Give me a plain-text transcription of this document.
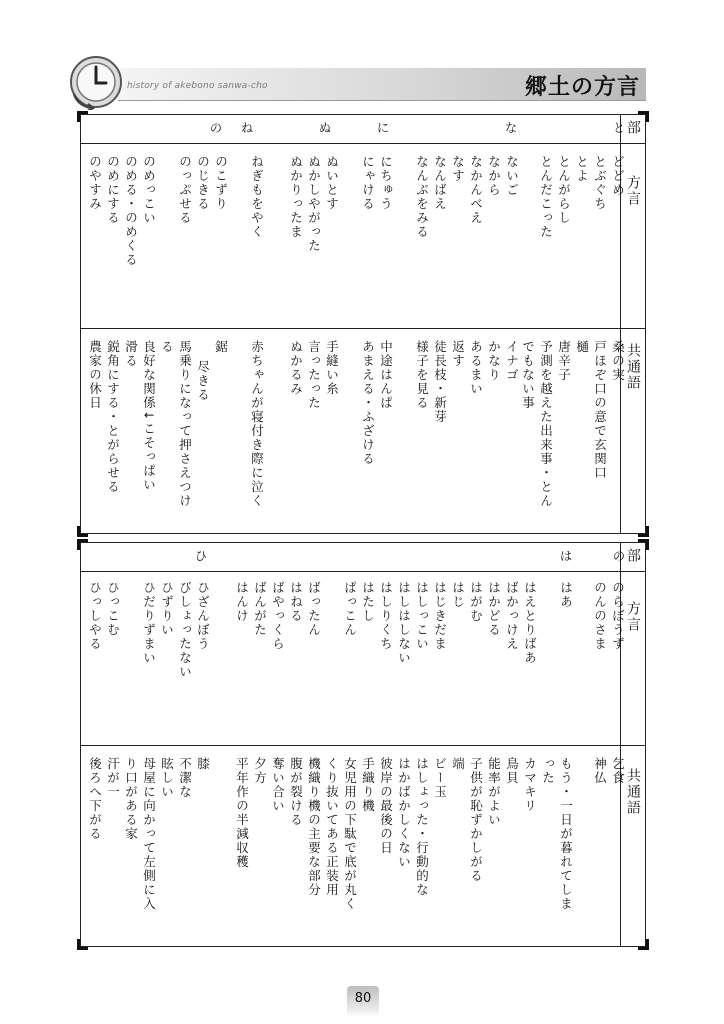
history of akebono sanwa-cho	郷土の方言
部
方言
共通語
と
な
に
ぬ
ね
の
どどめ
とぶぐち
とよ
とんがらし
とんだこった
ないご
なから
なかんべえ
なす
なんばえ
なんぶをみる
にちゅう
にゃける
ぬいとす
ぬかしやがった
ぬかりったま
ねぎもをやく
のこずり
のじきる
のっぷせる
のめっこい
のめる・のめくる
のめにする
のやすみ
桑の実
戸ほぞ口の意で玄関口
樋
唐辛子
予測を越えた出来事・とん
でもない事
イナゴ
かなり
あるまい
返す
徒長枝・新芽
様子を見る
中途はんぱ
あまえる・ふざける
手縫い糸
言ったった
ぬかるみ
赤ちゃんが寝付き際に泣く
鋸
尽きる
馬乗りになって押さえつけ
る
良好な関係↓こそっぱい
滑る
鋭角にする・とがらせる
農家の休日
部
方言
共通語
の
は
ひ
のらぼうず
のんのさま
はあ
はえとりばあ
ばかっけえ
はかどる
はがむ
はじ
はじきだま
はしっこい
はしはしない
はしりくち
はたし
ぱっこん
ばったん
はねる
ばやっくら
ばんがた
はんけ
ひざんぼう
びしょったない
ひずりい
ひだりずまい
ひっこむ
ひっしやる
乞食
神仏
もう・一日が暮れてしま
った
カマキリ
鳥貝
能率がよい
子供が恥ずかしがる
端
ビー玉
はしょった・行動的な
はかばかしくない
彼岸の最後の日
手織り機
女児用の下駄で底が丸く
くり抜いてある正装用
機織り機の主要な部分
腹が裂ける
奪い合い
夕方
平年作の半減収穫
膝
不潔な
眩しい
母屋に向かって左側に入
り口がある家
汗が一
後ろへ下がる
80
